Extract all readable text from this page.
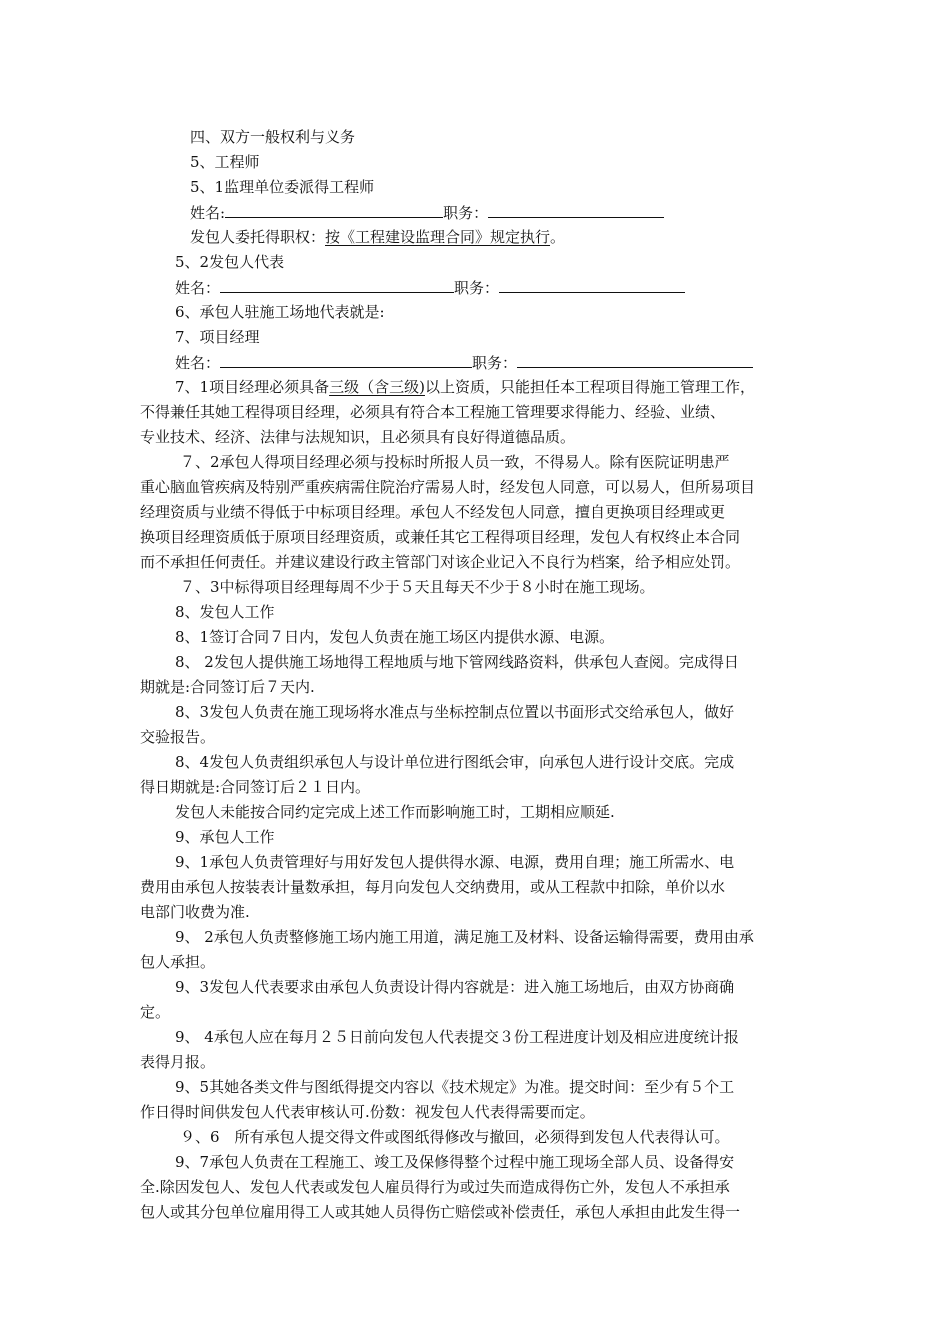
四、双方一般权利与义务
5、工程师
5、1监理单位委派得工程师
姓名:	职务：
发包人委托得职权：按《工程建设监理合同》规定执行。
5、2发包人代表
姓名：	职务：
6、承包人驻施工场地代表就是:
7、项目经理
姓名：	职务：
7、1项目经理必须具备三级（含三级)以上资质，只能担任本工程项目得施工管理工作，
不得兼任其她工程得项目经理，必须具有符合本工程施工管理要求得能力、经验、业绩、
专业技术、经济、法律与法规知识，且必须具有良好得道德品质。
７、2承包人得项目经理必须与投标时所报人员一致，不得易人。除有医院证明患严
重心脑血管疾病及特别严重疾病需住院治疗需易人时，经发包人同意，可以易人，但所易项目
经理资质与业绩不得低于中标项目经理。承包人不经发包人同意，擅自更换项目经理或更
换项目经理资质低于原项目经理资质，或兼任其它工程得项目经理，发包人有权终止本合同
而不承担任何责任。并建议建设行政主管部门对该企业记入不良行为档案，给予相应处罚。
７、3中标得项目经理每周不少于５天且每天不少于８小时在施工现场。
8、发包人工作
8、1签订合同７日内，发包人负责在施工场区内提供水源、电源。
8、 2发包人提供施工场地得工程地质与地下管网线路资料，供承包人查阅。完成得日
期就是:合同签订后７天内.
8、3发包人负责在施工现场将水准点与坐标控制点位置以书面形式交给承包人，做好
交验报告。
8、4发包人负责组织承包人与设计单位进行图纸会审，向承包人进行设计交底。完成
得日期就是:合同签订后２１日内。
发包人未能按合同约定完成上述工作而影响施工时，工期相应顺延.
9、承包人工作
9、1承包人负责管理好与用好发包人提供得水源、电源，费用自理；施工所需水、电
费用由承包人按装表计量数承担，每月向发包人交纳费用，或从工程款中扣除，单价以水
电部门收费为准.
9、 2承包人负责整修施工场内施工用道，满足施工及材料、设备运输得需要，费用由承
包人承担。
9、3发包人代表要求由承包人负责设计得内容就是：进入施工场地后，由双方协商确
定。
9、 4承包人应在每月２５日前向发包人代表提交３份工程进度计划及相应进度统计报
表得月报。
9、5其她各类文件与图纸得提交内容以《技术规定》为准。提交时间：至少有５个工
作日得时间供发包人代表审核认可.份数：视发包人代表得需要而定。
９、6　所有承包人提交得文件或图纸得修改与撤回，必须得到发包人代表得认可。
9、7承包人负责在工程施工、竣工及保修得整个过程中施工现场全部人员、设备得安
全.除因发包人、发包人代表或发包人雇员得行为或过失而造成得伤亡外，发包人不承担承
包人或其分包单位雇用得工人或其她人员得伤亡赔偿或补偿责任，承包人承担由此发生得一
